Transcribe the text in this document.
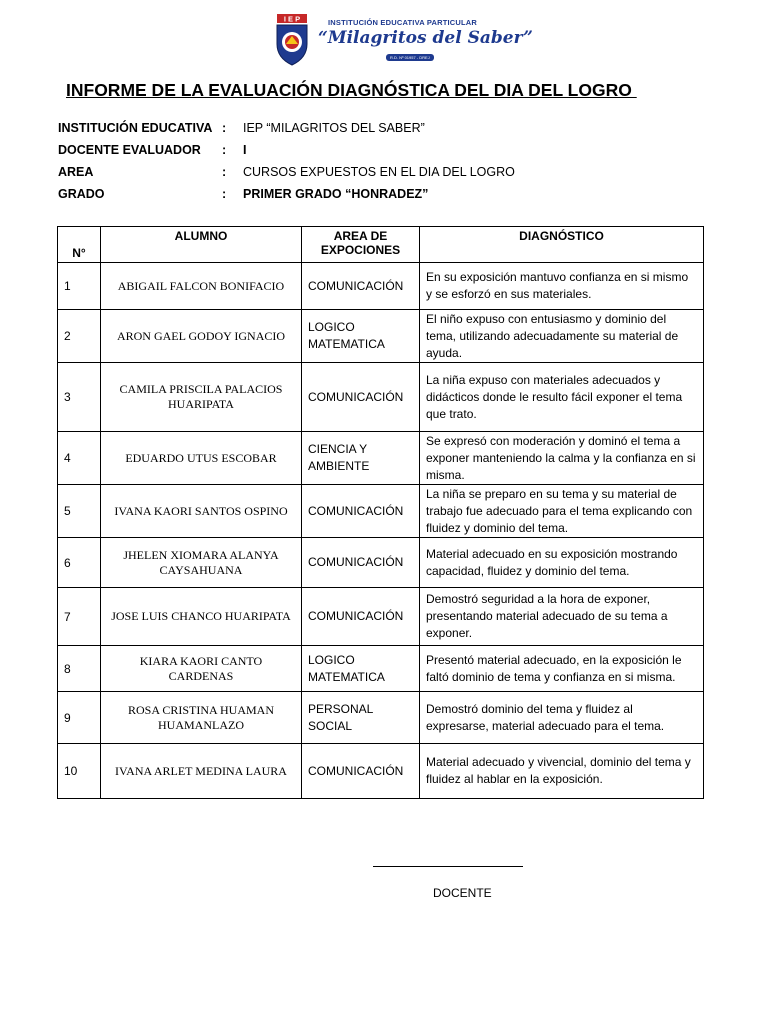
I E P	INSTITUCIÓN EDUCATIVA PARTICULAR
“Milagritos del Saber”
R.D. Nº 01957 - DREJ
INFORME DE LA EVALUACIÓN DIAGNÓSTICA DEL DIA DEL LOGRO
INSTITUCIÓN EDUCATIVA : IEP “MILAGRITOS DEL SABER”
DOCENTE EVALUADOR : I
AREA	: CURSOS EXPUESTOS EN EL DIA DEL LOGRO
GRADO	: PRIMER GRADO “HONRADEZ”
N°	ALUMNO	AREA DE EXPOCIONES	DIAGNÓSTICO
1	ABIGAIL FALCON BONIFACIO	COMUNICACIÓN	En su exposición mantuvo confianza en si mismo y se esforzó en sus materiales.
2	ARON GAEL GODOY IGNACIO	LOGICO MATEMATICA	El niño expuso con entusiasmo y dominio del tema, utilizando adecuadamente su material de ayuda.
3	CAMILA PRISCILA PALACIOS HUARIPATA	COMUNICACIÓN	La niña expuso con materiales adecuados y didácticos donde le resulto fácil exponer el tema que trato.
4	EDUARDO UTUS ESCOBAR	CIENCIA Y AMBIENTE	Se expresó con moderación y dominó el tema a exponer manteniendo la calma y la confianza en si misma.
5	IVANA KAORI SANTOS OSPINO	COMUNICACIÓN	La niña se preparo en su tema y su material de trabajo fue adecuado para el tema explicando con fluidez y dominio del tema.
6	JHELEN XIOMARA ALANYA CAYSAHUANA	COMUNICACIÓN	Material adecuado en su exposición mostrando capacidad, fluidez y dominio del tema.
7	JOSE LUIS CHANCO HUARIPATA	COMUNICACIÓN	Demostró seguridad a la hora de exponer, presentando material adecuado de su tema a exponer.
8	KIARA KAORI CANTO CARDENAS	LOGICO MATEMATICA	Presentó material adecuado, en la exposición le faltó dominio de tema y confianza en si misma.
9	ROSA CRISTINA HUAMAN HUAMANLAZO	PERSONAL SOCIAL	Demostró dominio del tema y fluidez al expresarse, material adecuado para el tema.
10	IVANA ARLET MEDINA LAURA	COMUNICACIÓN	Material adecuado y vivencial, dominio del tema y fluidez al hablar en la exposición.
DOCENTE
